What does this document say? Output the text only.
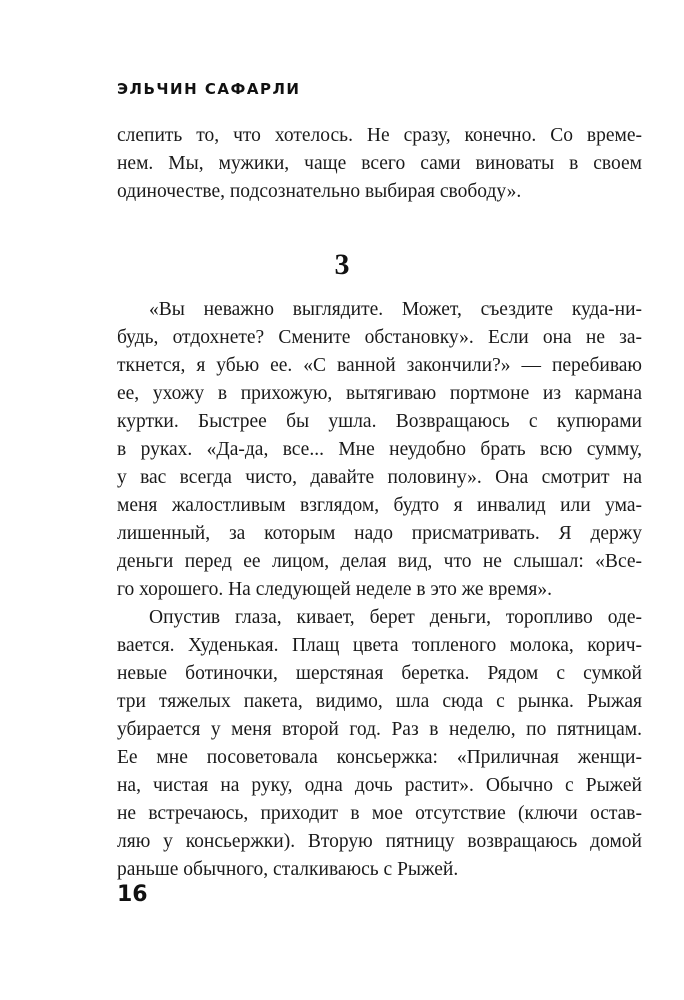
ЭЛЬЧИН САФАРЛИ
слепить то, что хотелось. Не сразу, конечно. Со време-
нем. Мы, мужики, чаще всего сами виноваты в своем
одиночестве, подсознательно выбирая свободу».
3
«Вы неважно выглядите. Может, съездите куда-ни-
будь, отдохнете? Смените обстановку». Если она не за-
ткнется, я убью ее. «С ванной закончили?» — перебиваю
ее, ухожу в прихожую, вытягиваю портмоне из кармана
куртки. Быстрее бы ушла. Возвращаюсь с купюрами
в руках. «Да-да, все... Мне неудобно брать всю сумму,
у вас всегда чисто, давайте половину». Она смотрит на
меня жалостливым взглядом, будто я инвалид или ума-
лишенный, за которым надо присматривать. Я держу
деньги перед ее лицом, делая вид, что не слышал: «Все-
го хорошего. На следующей неделе в это же время».
Опустив глаза, кивает, берет деньги, торопливо оде-
вается. Худенькая. Плащ цвета топленого молока, корич-
невые ботиночки, шерстяная беретка. Рядом с сумкой
три тяжелых пакета, видимо, шла сюда с рынка. Рыжая
убирается у меня второй год. Раз в неделю, по пятницам.
Ее мне посоветовала консьержка: «Приличная женщи-
на, чистая на руку, одна дочь растит». Обычно с Рыжей
не встречаюсь, приходит в мое отсутствие (ключи остав-
ляю у консьержки). Вторую пятницу возвращаюсь домой
раньше обычного, сталкиваюсь с Рыжей.
16
